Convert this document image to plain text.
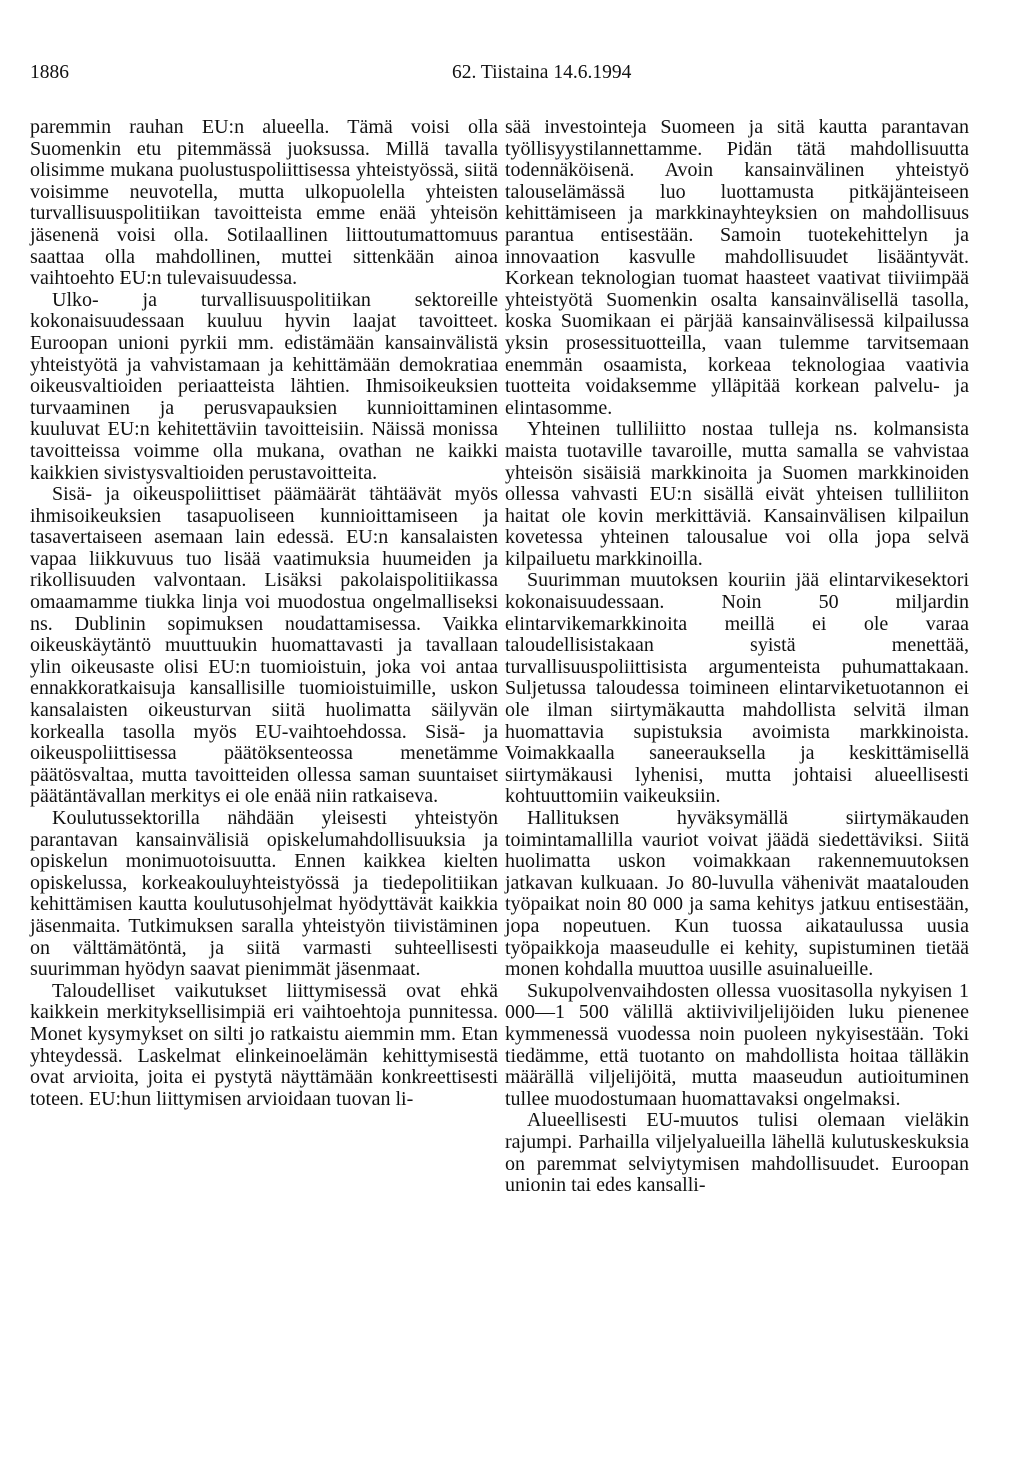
1886	62. Tiistaina 14.6.1994

paremmin rauhan EU:n alueella. Tämä voisi olla Suomenkin etu pitemmässä juoksussa. Millä tavalla olisimme mukana puolustuspoliittisessa yhteistyössä, siitä voisimme neuvotella, mutta ulkopuolella yhteisten turvallisuuspolitiikan tavoitteista emme enää yhteisön jäsenenä voisi olla. Sotilaallinen liittoutumattomuus saattaa olla mahdollinen, muttei sittenkään ainoa vaihtoehto EU:n tulevaisuudessa.

Ulko- ja turvallisuuspolitiikan sektoreille kokonaisuudessaan kuuluu hyvin laajat tavoitteet. Euroopan unioni pyrkii mm. edistämään kansainvälistä yhteistyötä ja vahvistamaan ja kehittämään demokratiaa oikeusvaltioiden periaatteista lähtien. Ihmisoikeuksien turvaaminen ja perusvapauksien kunnioittaminen kuuluvat EU:n kehitettäviin tavoitteisiin. Näissä monissa tavoitteissa voimme olla mukana, ovathan ne kaikki kaikkien sivistysvaltioiden perustavoitteita.

Sisä- ja oikeuspoliittiset päämäärät tähtäävät myös ihmisoikeuksien tasapuoliseen kunnioittamiseen ja tasavertaiseen asemaan lain edessä. EU:n kansalaisten vapaa liikkuvuus tuo lisää vaatimuksia huumeiden ja rikollisuuden valvontaan. Lisäksi pakolaispolitiikassa omaamamme tiukka linja voi muodostua ongelmalliseksi ns. Dublinin sopimuksen noudattamisessa. Vaikka oikeuskäytäntö muuttuukin huomattavasti ja tavallaan ylin oikeusaste olisi EU:n tuomioistuin, joka voi antaa ennakkoratkaisuja kansallisille tuomioistuimille, uskon kansalaisten oikeusturvan siitä huolimatta säilyvän korkealla tasolla myös EU-vaihtoehdossa. Sisä- ja oikeuspoliittisessa päätöksenteossa menetämme päätösvaltaa, mutta tavoitteiden ollessa saman suuntaiset päätäntävallan merkitys ei ole enää niin ratkaiseva.

Koulutussektorilla nähdään yleisesti yhteistyön parantavan kansainvälisiä opiskelumahdollisuuksia ja opiskelun monimuotoisuutta. Ennen kaikkea kielten opiskelussa, korkeakouluyhteistyössä ja tiedepolitiikan kehittämisen kautta koulutusohjelmat hyödyttävät kaikkia jäsenmaita. Tutkimuksen saralla yhteistyön tiivistäminen on välttämätöntä, ja siitä varmasti suhteellisesti suurimman hyödyn saavat pienimmät jäsenmaat.

Taloudelliset vaikutukset liittymisessä ovat ehkä kaikkein merkityksellisimpiä eri vaihtoehtoja punnitessa. Monet kysymykset on silti jo ratkaistu aiemmin mm. Etan yhteydessä. Laskelmat elinkeinoelämän kehittymisestä ovat arvioita, joita ei pystytä näyttämään konkreettisesti toteen. EU:hun liittymisen arvioidaan tuovan li-

sää investointeja Suomeen ja sitä kautta parantavan työllisyystilannettamme. Pidän tätä mahdollisuutta todennäköisenä. Avoin kansainvälinen yhteistyö talouselämässä luo luottamusta pitkäjänteiseen kehittämiseen ja markkinayhteyksien on mahdollisuus parantua entisestään. Samoin tuotekehittelyn ja innovaation kasvulle mahdollisuudet lisääntyvät. Korkean teknologian tuomat haasteet vaativat tiiviimpää yhteistyötä Suomenkin osalta kansainvälisellä tasolla, koska Suomikaan ei pärjää kansainvälisessä kilpailussa yksin prosessituotteilla, vaan tulemme tarvitsemaan enemmän osaamista, korkeaa teknologiaa vaativia tuotteita voidaksemme ylläpitää korkean palvelu- ja elintasomme.

Yhteinen tulliliitto nostaa tulleja ns. kolmansista maista tuotaville tavaroille, mutta samalla se vahvistaa yhteisön sisäisiä markkinoita ja Suomen markkinoiden ollessa vahvasti EU:n sisällä eivät yhteisen tulliliiton haitat ole kovin merkittäviä. Kansainvälisen kilpailun kovetessa yhteinen talousalue voi olla jopa selvä kilpailuetu markkinoilla.

Suurimman muutoksen kouriin jää elintarvikesektori kokonaisuudessaan. Noin 50 miljardin elintarvikemarkkinoita meillä ei ole varaa taloudellisistakaan syistä menettää, turvallisuuspoliittisista argumenteista puhumattakaan. Suljetussa taloudessa toimineen elintarviketuotannon ei ole ilman siirtymäkautta mahdollista selvitä ilman huomattavia supistuksia avoimista markkinoista. Voimakkaalla saneerauksella ja keskittämisellä siirtymäkausi lyhenisi, mutta johtaisi alueellisesti kohtuuttomiin vaikeuksiin.

Hallituksen hyväksymällä siirtymäkauden toimintamallilla vauriot voivat jäädä siedettäviksi. Siitä huolimatta uskon voimakkaan rakennemuutoksen jatkavan kulkuaan. Jo 80-luvulla vähenivät maatalouden työpaikat noin 80 000 ja sama kehitys jatkuu entisestään, jopa nopeutuen. Kun tuossa aikataulussa uusia työpaikkoja maaseudulle ei kehity, supistuminen tietää monen kohdalla muuttoa uusille asuinalueille.

Sukupolvenvaihdosten ollessa vuositasolla nykyisen 1 000—1 500 välillä aktiiviviljelijöiden luku pienenee kymmenessä vuodessa noin puoleen nykyisestään. Toki tiedämme, että tuotanto on mahdollista hoitaa tälläkin määrällä viljelijöitä, mutta maaseudun autioituminen tullee muodostumaan huomattavaksi ongelmaksi.

Alueellisesti EU-muutos tulisi olemaan vieläkin rajumpi. Parhailla viljelyalueilla lähellä kulutuskeskuksia on paremmat selviytymisen mahdollisuudet. Euroopan unionin tai edes kansalli-
